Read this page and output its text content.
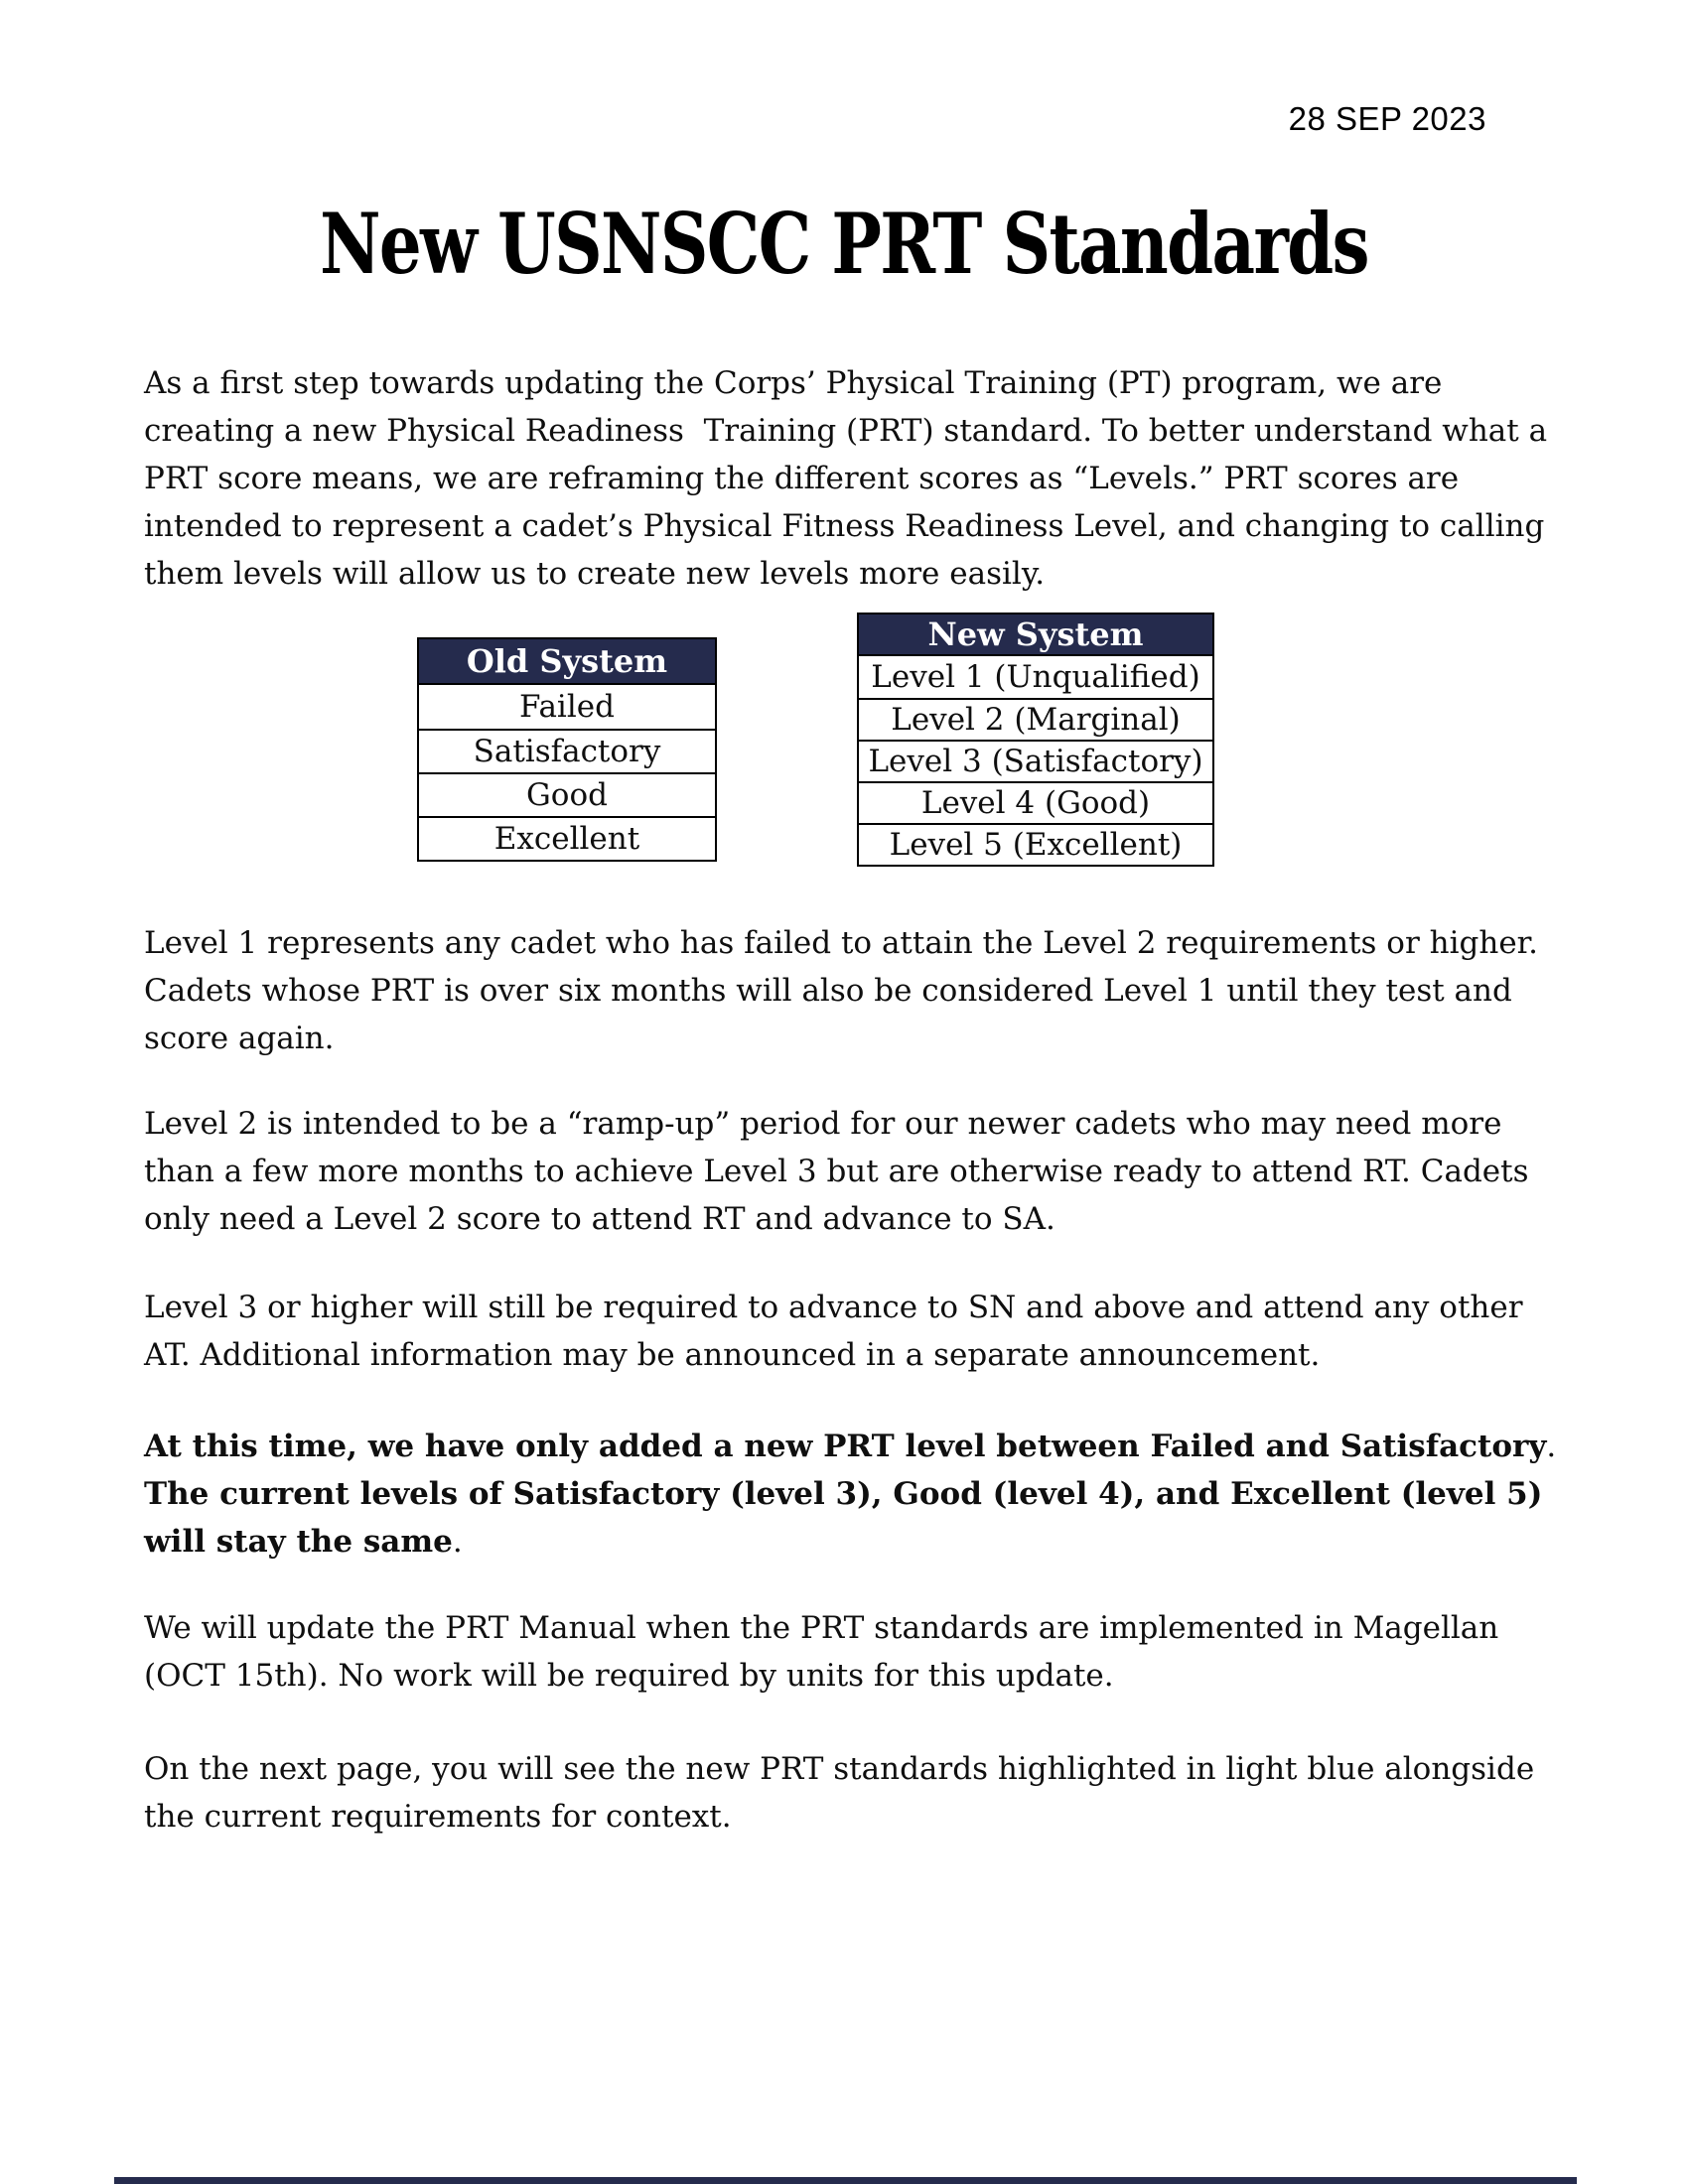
28 SEP 2023
New USNSCC PRT Standards
As a first step towards updating the Corps’ Physical Training (PT) program, we are creating a new Physical Readiness  Training (PRT) standard. To better understand what a PRT score means, we are reframing the different scores as “Levels.” PRT scores are intended to represent a cadet’s Physical Fitness Readiness Level, and changing to calling them levels will allow us to create new levels more easily.
Old System
Failed
Satisfactory
Good
Excellent
New System
Level 1 (Unqualified)
Level 2 (Marginal)
Level 3 (Satisfactory)
Level 4 (Good)
Level 5 (Excellent)
Level 1 represents any cadet who has failed to attain the Level 2 requirements or higher. Cadets whose PRT is over six months will also be considered Level 1 until they test and score again.
Level 2 is intended to be a “ramp-up” period for our newer cadets who may need more than a few more months to achieve Level 3 but are otherwise ready to attend RT. Cadets only need a Level 2 score to attend RT and advance to SA.
Level 3 or higher will still be required to advance to SN and above and attend any other AT. Additional information may be announced in a separate announcement.
At this time, we have only added a new PRT level between Failed and Satisfactory. The current levels of Satisfactory (level 3), Good (level 4), and Excellent (level 5) will stay the same.
We will update the PRT Manual when the PRT standards are implemented in Magellan (OCT 15th). No work will be required by units for this update.
On the next page, you will see the new PRT standards highlighted in light blue alongside the current requirements for context.
